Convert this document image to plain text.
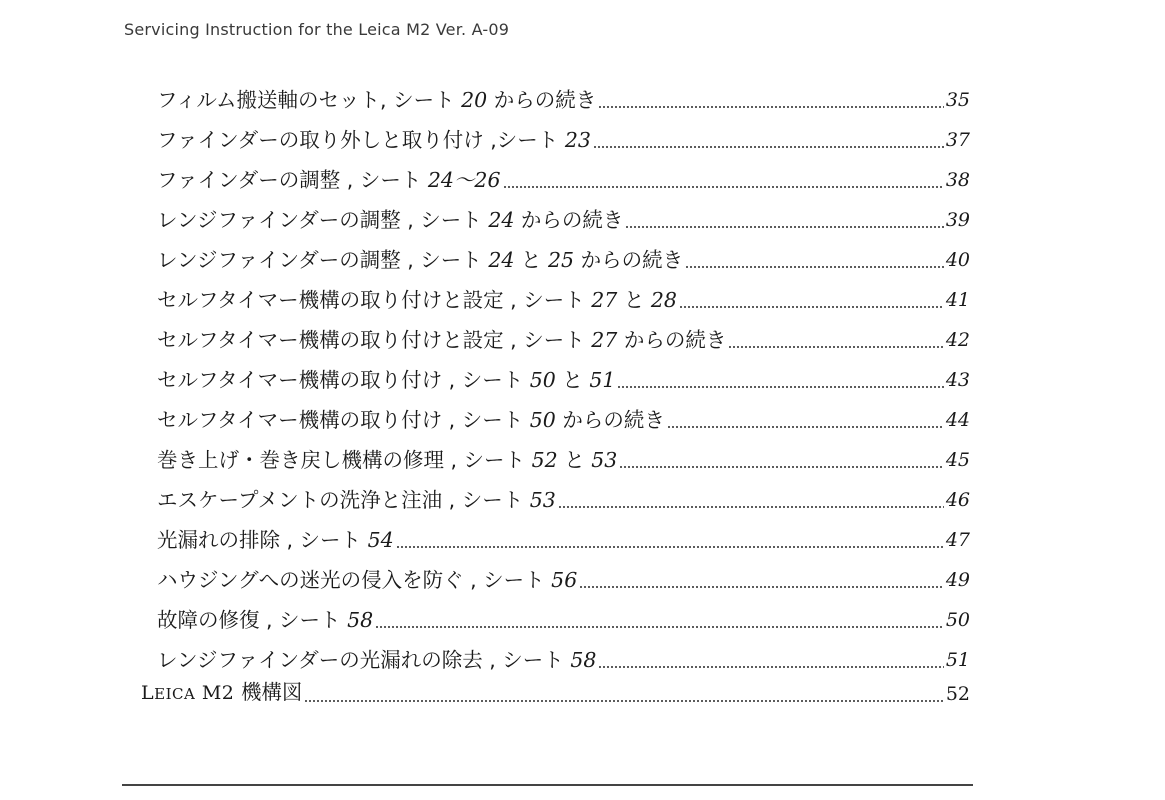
Servicing Instruction for the Leica M2 Ver. A-09
フィルム搬送軸のセット, シート 20 からの続き	35
ファインダーの取り外しと取り付け ,シート 23	37
ファインダーの調整 , シート 24～26	38
レンジファインダーの調整 , シート 24 からの続き	39
レンジファインダーの調整 , シート 24 と 25 からの続き	40
セルフタイマー機構の取り付けと設定 , シート 27 と 28	41
セルフタイマー機構の取り付けと設定 , シート 27 からの続き	42
セルフタイマー機構の取り付け , シート 50 と 51	43
セルフタイマー機構の取り付け , シート 50 からの続き	44
巻き上げ・巻き戻し機構の修理 , シート 52 と 53	45
エスケープメントの洗浄と注油 , シート 53	46
光漏れの排除 , シート 54	47
ハウジングへの迷光の侵入を防ぐ , シート 56	49
故障の修復 , シート 58	50
レンジファインダーの光漏れの除去 , シート 58	51
LEICA M2 機構図	52
